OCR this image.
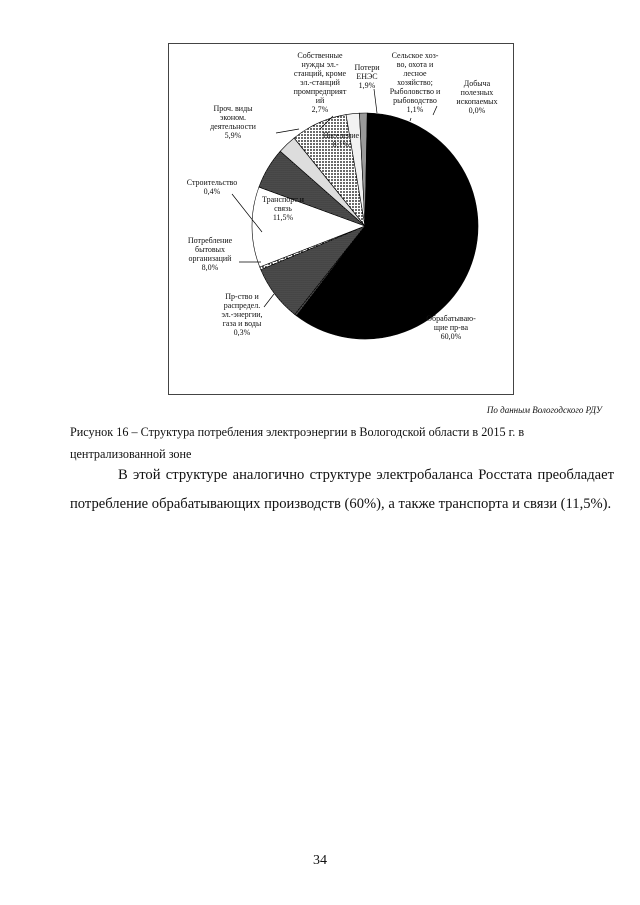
Собственные
нужды эл.-
станций, кроме
эл.-станций
промпредприят
ий
2,7%
Потери
ЕНЭС
1,9%
Сельское хоз-
во, охота и
лесное
хозяйство;
Рыболовство и
рыбоводство
1,1%
Добыча
полезных
ископаемых
0,0%
Проч. виды
эконом.
деятельности
5,9%	Население
8,1%
Строительство
0,4%
Транспорт и
связь
11,5%
Потребление
бытовых
организаций
8,0%
Пр-ство и
распредел.
эл.-энергии,
газа и воды
0,3%
Обрабатываю-
щие пр-ва
60,0%
По данным Вологодского РДУ
Рисунок 16 – Структура потребления электроэнергии в Вологодской области в 2015 г. в централизованной зоне
В этой структуре аналогично структуре электробаланса Росстата преобладает потребление обрабатывающих производств (60%), а также транспорта и связи (11,5%).
34
